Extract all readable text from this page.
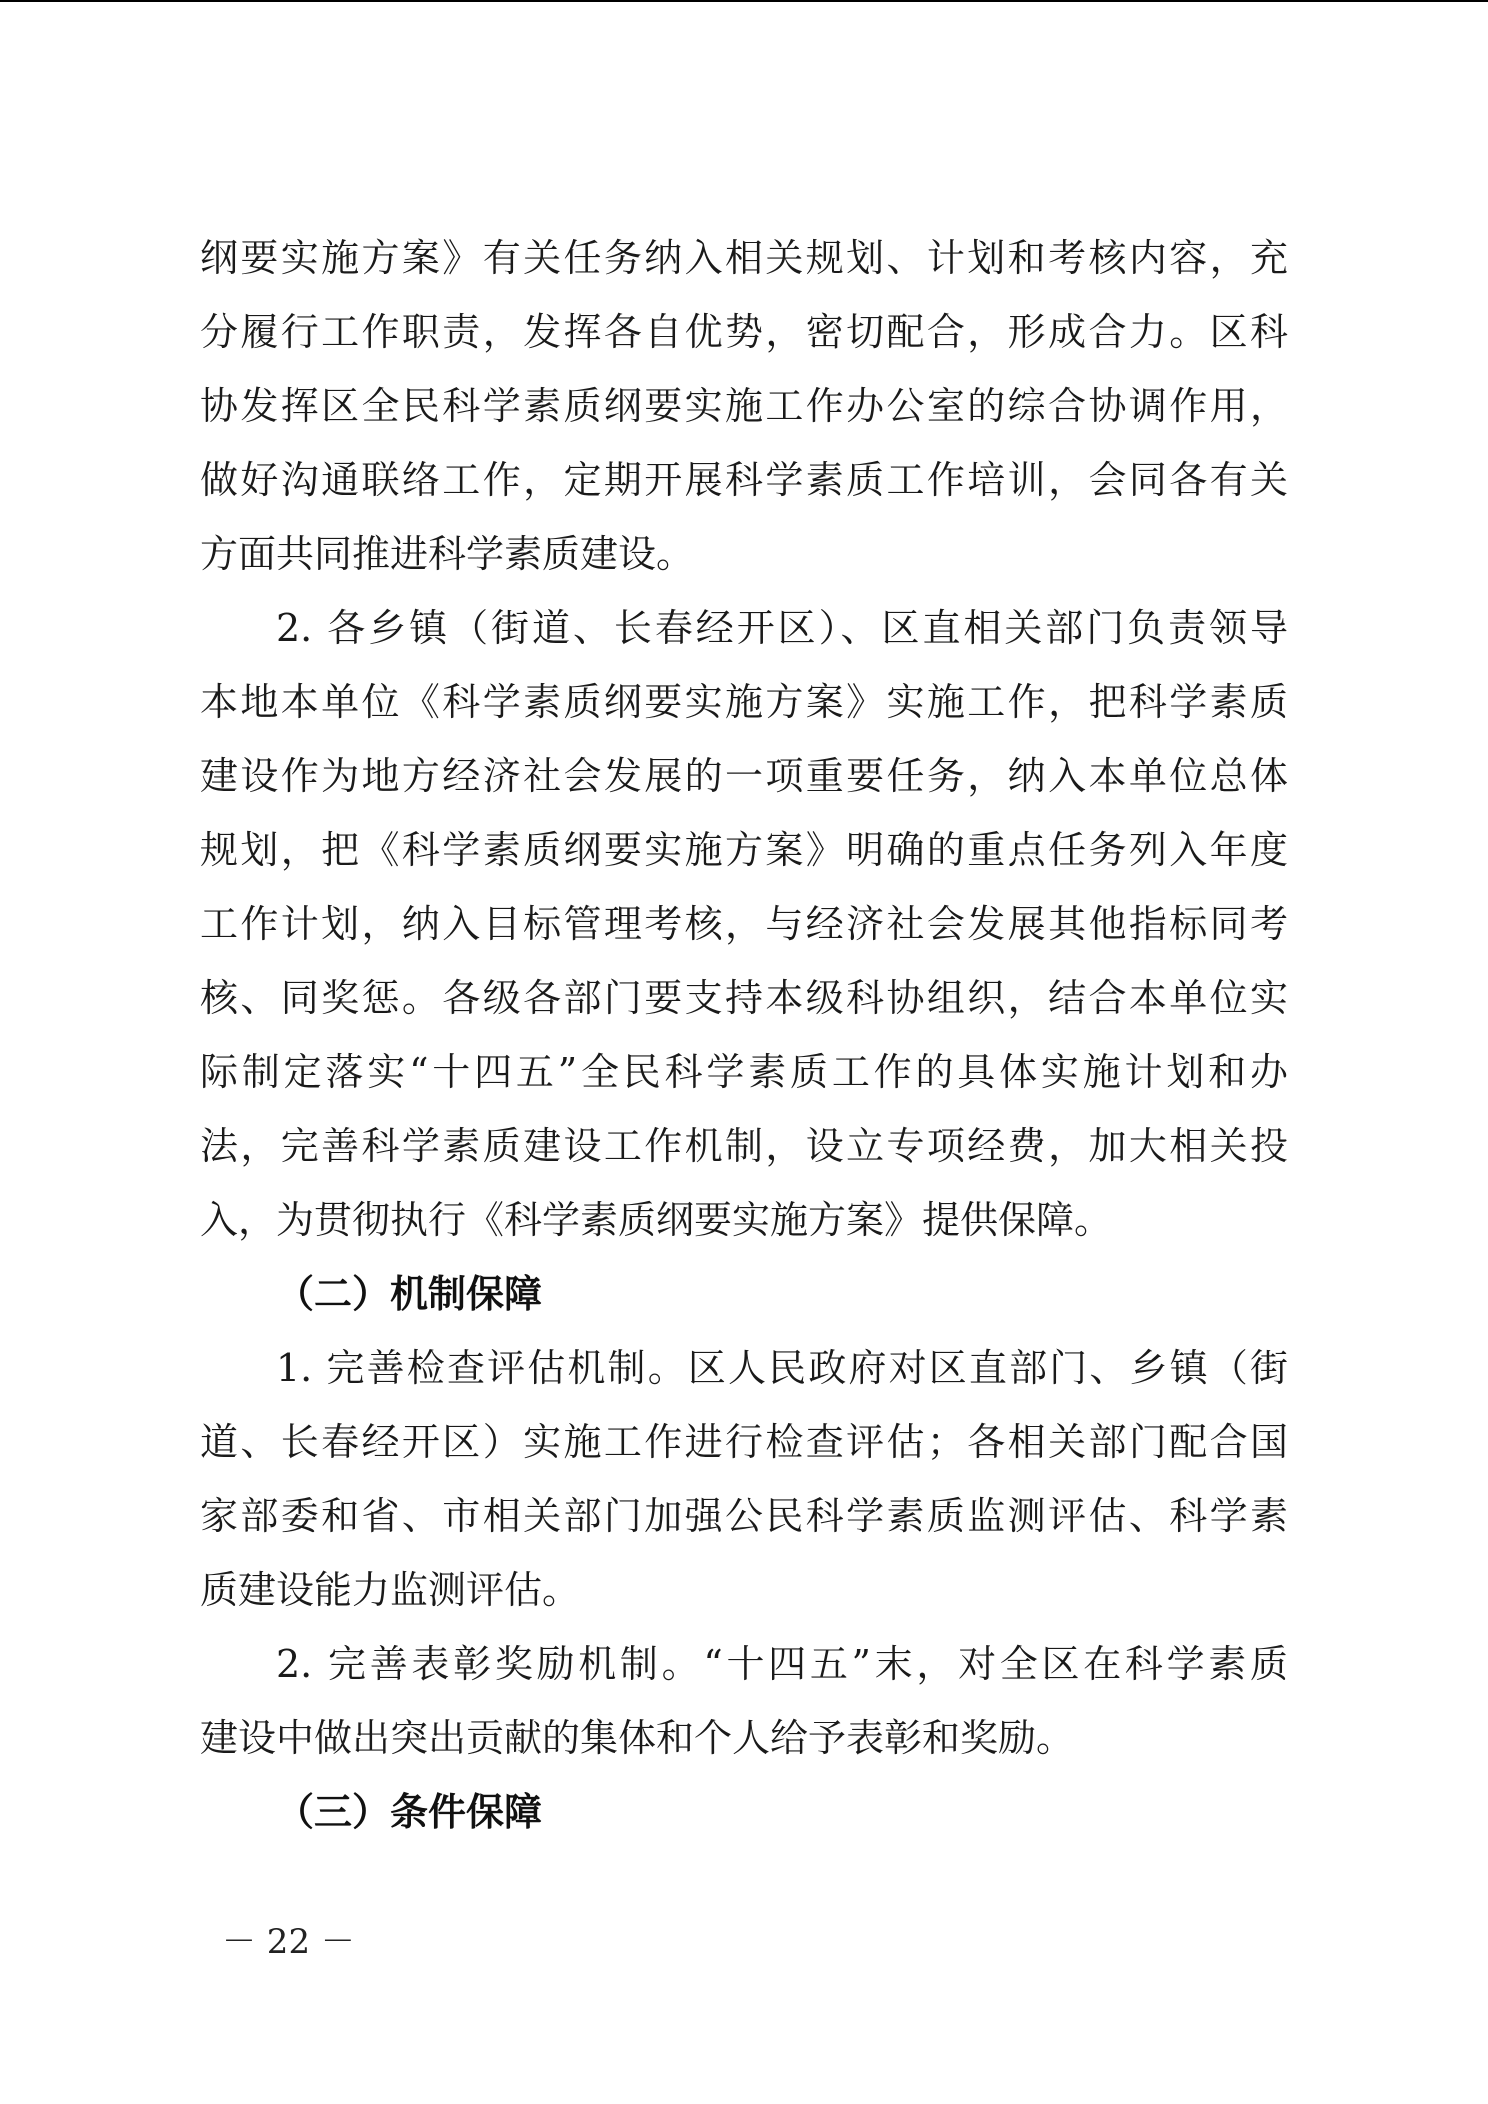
纲要实施方案》有关任务纳入相关规划、计划和考核内容，充
分履行工作职责，发挥各自优势，密切配合，形成合力。区科
协发挥区全民科学素质纲要实施工作办公室的综合协调作用，
做好沟通联络工作，定期开展科学素质工作培训，会同各有关
方面共同推进科学素质建设。
2. 各乡镇（街道、长春经开区）、区直相关部门负责领导
本地本单位《科学素质纲要实施方案》实施工作，把科学素质
建设作为地方经济社会发展的一项重要任务，纳入本单位总体
规划，把《科学素质纲要实施方案》明确的重点任务列入年度
工作计划，纳入目标管理考核，与经济社会发展其他指标同考
核、同奖惩。各级各部门要支持本级科协组织，结合本单位实
际制定落实“十四五”全民科学素质工作的具体实施计划和办
法，完善科学素质建设工作机制，设立专项经费，加大相关投
入，为贯彻执行《科学素质纲要实施方案》提供保障。
（二）机制保障
1. 完善检查评估机制。区人民政府对区直部门、乡镇（街
道、长春经开区）实施工作进行检查评估；各相关部门配合国
家部委和省、市相关部门加强公民科学素质监测评估、科学素
质建设能力监测评估。
2. 完善表彰奖励机制。“十四五”末，对全区在科学素质
建设中做出突出贡献的集体和个人给予表彰和奖励。
（三）条件保障
－ 22 －
